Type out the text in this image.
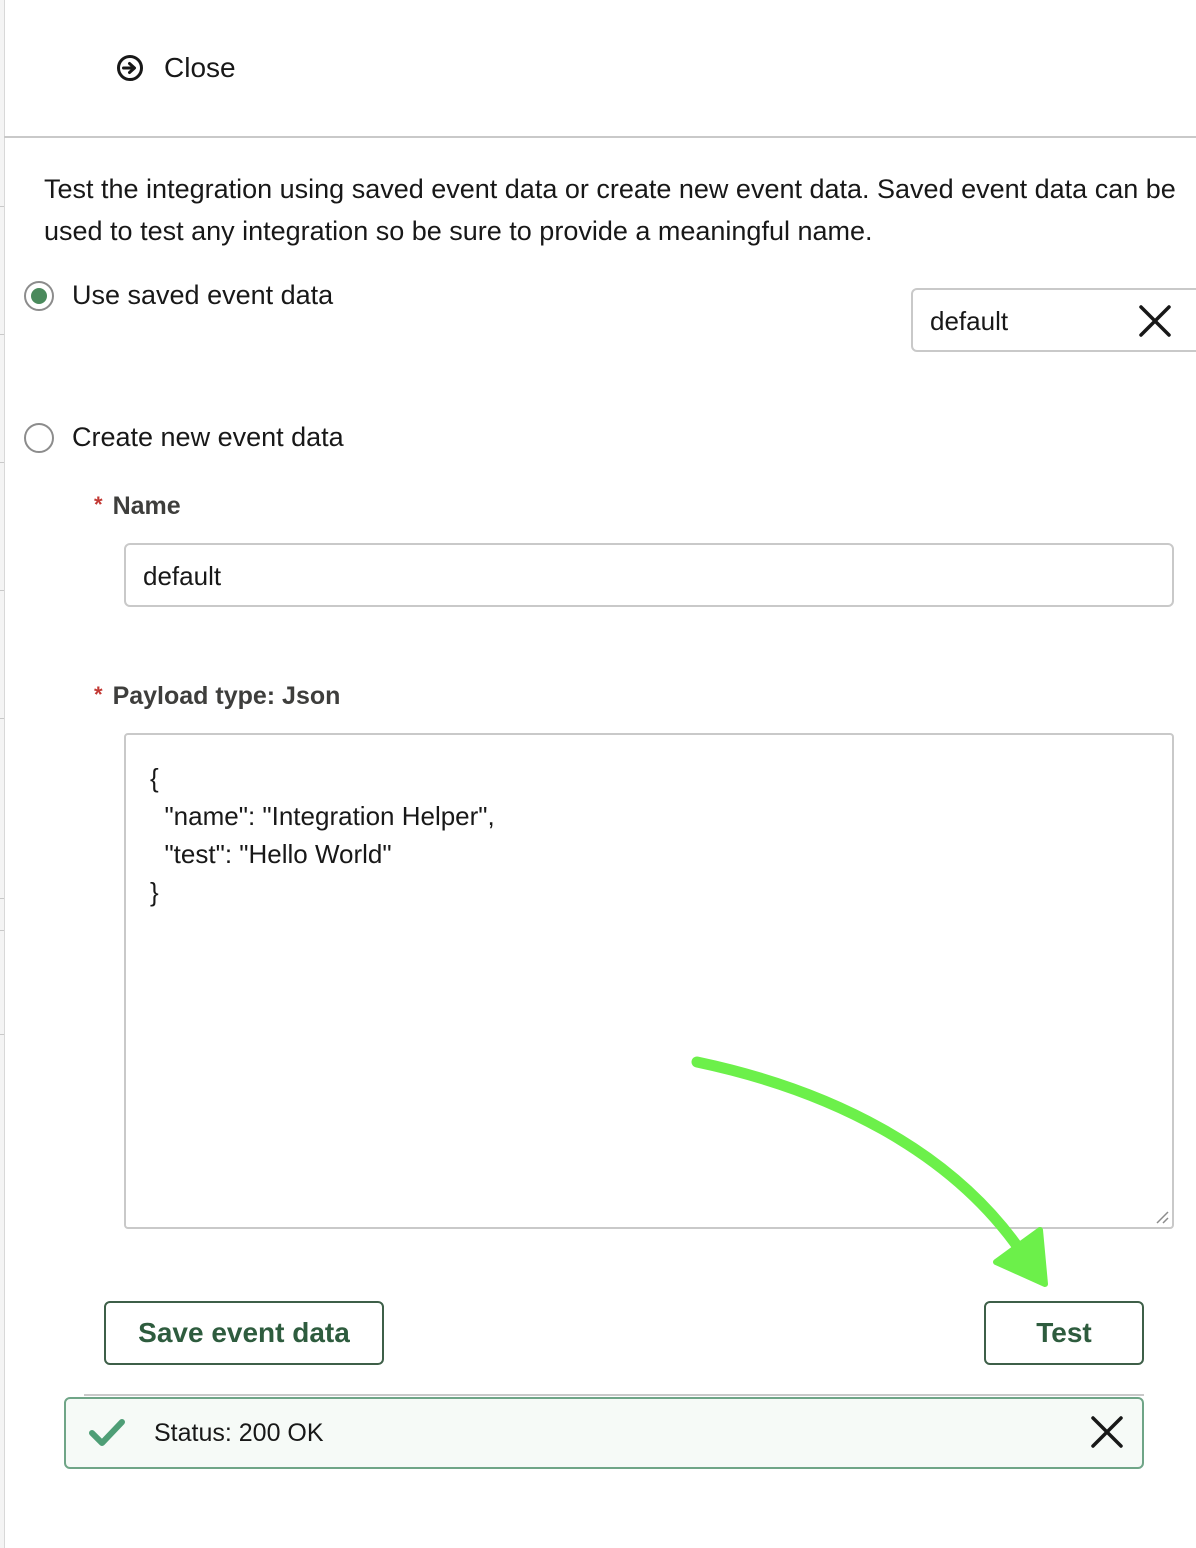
Close
Test the integration using saved event data or create new event data. Saved event data can be used to test any integration so be sure to provide a meaningful name.
Use saved event data
default
Create new event data
* Name
default
* Payload type: Json
{
"name": "Integration Helper",
"test": "Hello World"
}
Save event data	Test
Status: 200 OK
